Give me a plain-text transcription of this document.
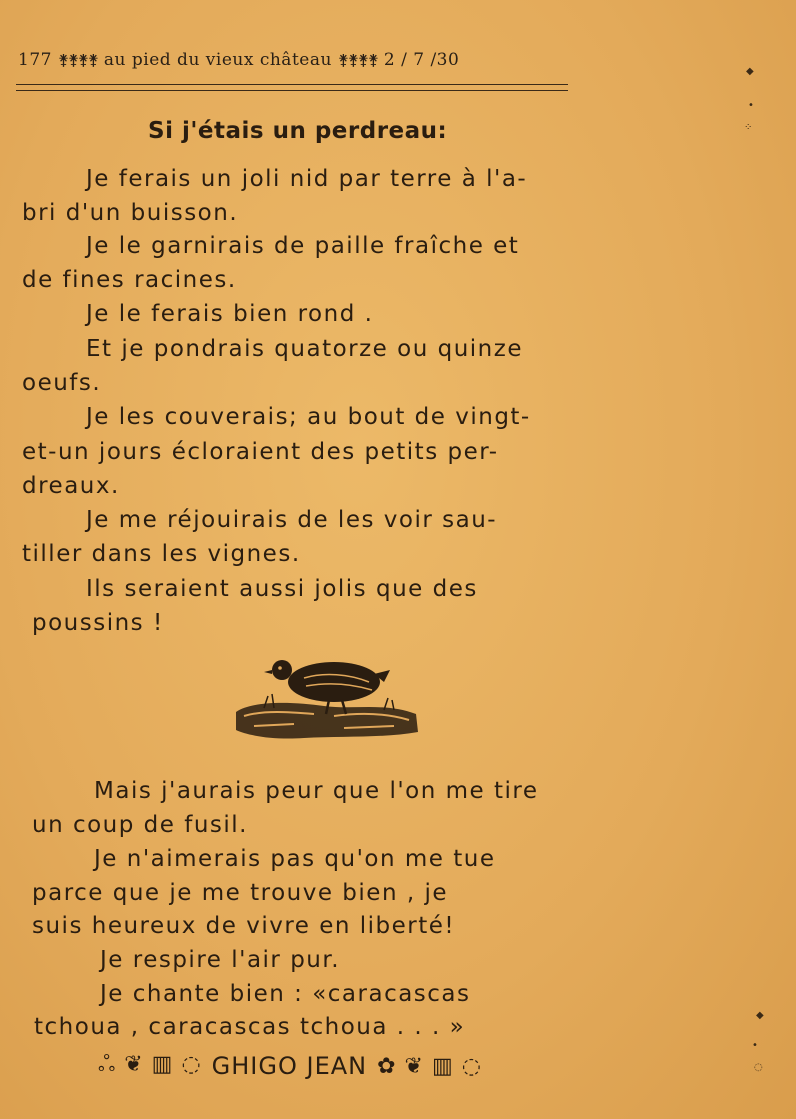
177 ⚵⚵⚵⚵ au pied du vieux château ⚵⚵⚵⚵ 2 / 7 /30
Si j'étais un perdreau:
Je ferais un joli nid par terre à l'a-
bri d'un buisson.
Je le garnirais de paille fraîche et
de fines racines.
Je le ferais bien rond .
Et je pondrais quatorze ou quinze
oeufs.
Je les couverais; au bout de vingt-
et-un jours écloraient des petits per-
dreaux.
Je me réjouirais de les voir sau-
tiller dans les vignes.
Ils seraient aussi jolis que des
poussins !
Mais j'aurais peur que l'on me tire
un coup de fusil.
Je n'aimerais pas qu'on me tue
parce que je me trouve bien , je
suis heureux de vivre en liberté!
Je respire l'air pur.
Je chante bien : «caracascas
tchoua , caracascas tchoua . . . »
ஃ ❦ ▥ ◌ GHIGO JEAN ✿ ❦ ▥ ◌
◆
•
⁘
◆
•
◌
